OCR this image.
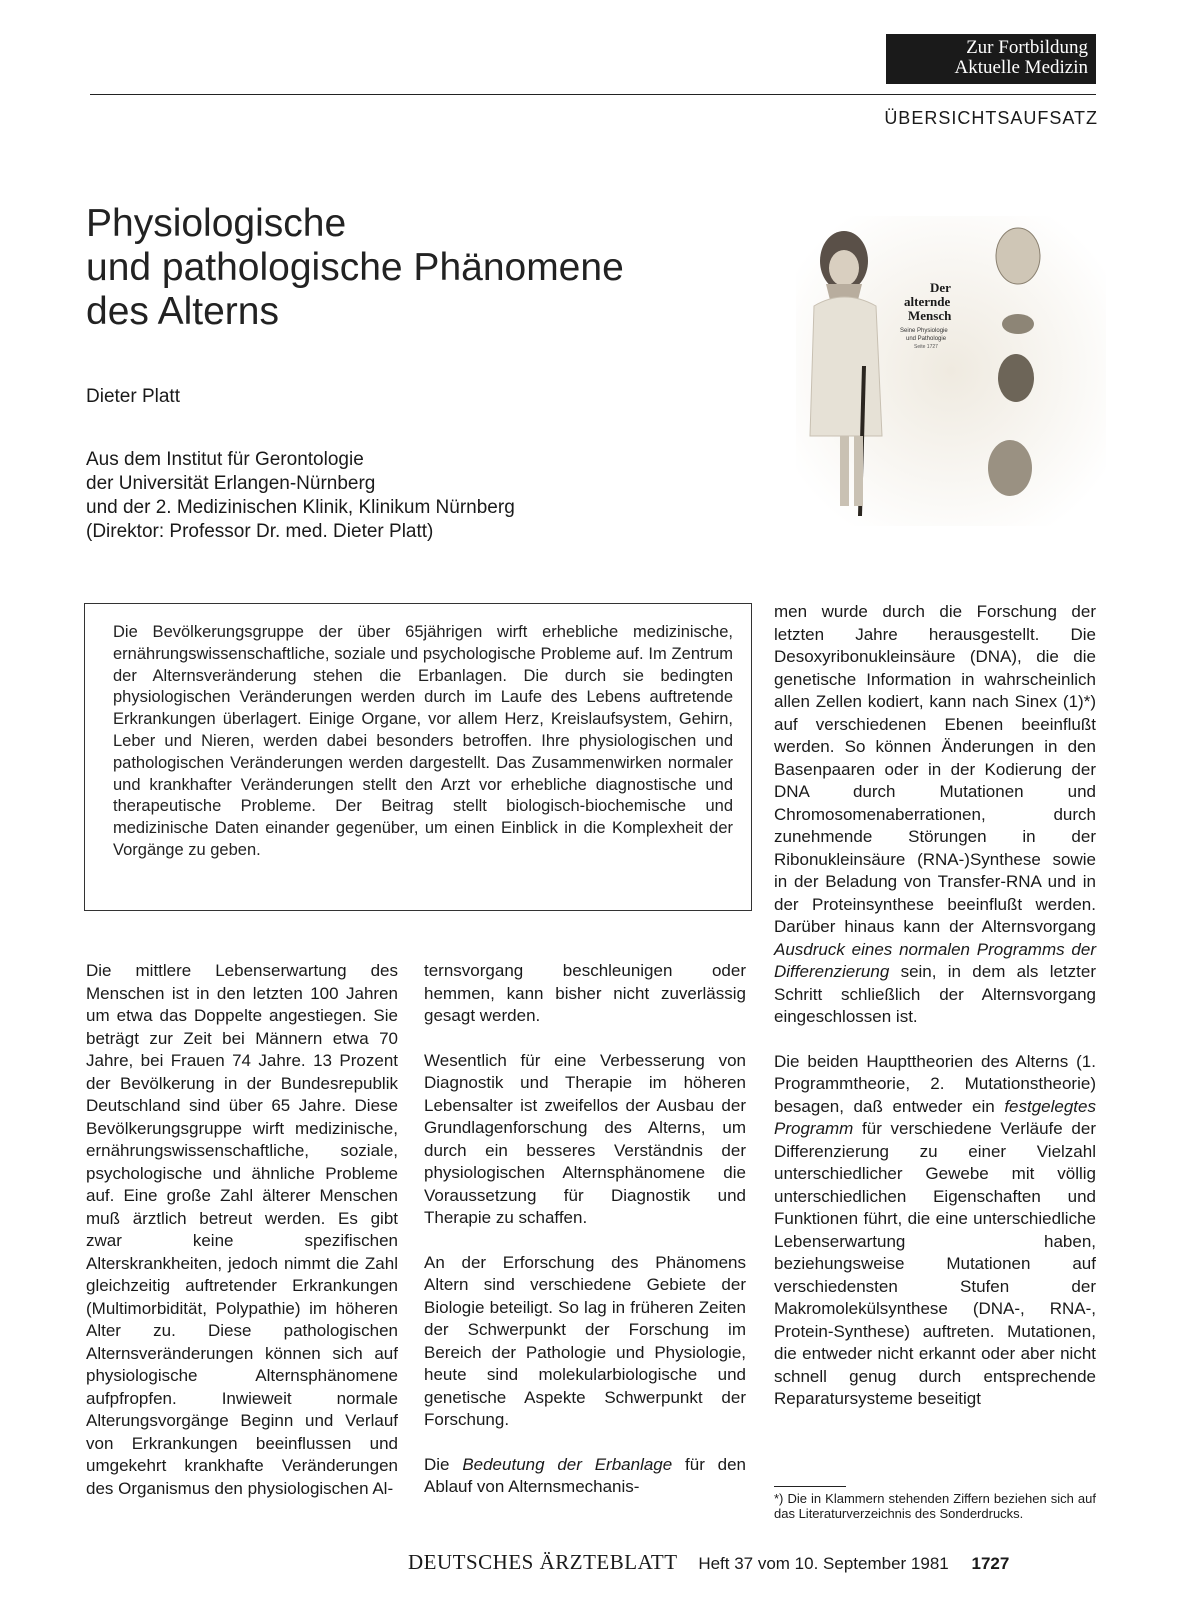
Zur Fortbildung
Aktuelle Medizin
ÜBERSICHTSAUFSATZ
Physiologische
und pathologische Phänomene
des Alterns
Dieter Platt
Aus dem Institut für Gerontologie
der Universität Erlangen-Nürnberg
und der 2. Medizinischen Klinik, Klinikum Nürnberg
(Direktor: Professor Dr. med. Dieter Platt)
Der
alternde
Mensch
Seine Physiologie
und Pathologie
Seite 1727

Die Bevölkerungsgruppe der über 65jährigen wirft erhebliche medizinische, ernährungswissenschaftliche, soziale und psychologische Probleme auf. Im Zentrum der Alternsveränderung stehen die Erbanlagen. Die durch sie bedingten physiologischen Veränderungen werden durch im Laufe des Lebens auftretende Erkrankungen überlagert. Einige Organe, vor allem Herz, Kreislaufsystem, Gehirn, Leber und Nieren, werden dabei besonders betroffen. Ihre physiologischen und pathologischen Veränderungen werden dargestellt. Das Zusammenwirken normaler und krankhafter Veränderungen stellt den Arzt vor erhebliche diagnostische und therapeutische Probleme. Der Beitrag stellt biologisch-biochemische und medizinische Daten einander gegenüber, um einen Einblick in die Komplexheit der Vorgänge zu geben.

Die mittlere Lebenserwartung des Menschen ist in den letzten 100 Jahren um etwa das Doppelte angestiegen. Sie beträgt zur Zeit bei Männern etwa 70 Jahre, bei Frauen 74 Jahre. 13 Prozent der Bevölkerung in der Bundesrepublik Deutschland sind über 65 Jahre. Diese Bevölkerungsgruppe wirft medizinische, ernährungswissenschaftliche, soziale, psychologische und ähnliche Probleme auf. Eine große Zahl älterer Menschen muß ärztlich betreut werden. Es gibt zwar keine spezifischen Alterskrankheiten, jedoch nimmt die Zahl gleichzeitig auftretender Erkrankungen (Multimorbidität, Polypathie) im höheren Alter zu. Diese pathologischen Alternsveränderungen können sich auf physiologische Alternsphänomene aufpfropfen. Inwieweit normale Alterungsvorgänge Beginn und Verlauf von Erkrankungen beeinflussen und umgekehrt krankhafte Veränderungen des Organismus den physiologischen Al-

ternsvorgang beschleunigen oder hemmen, kann bisher nicht zuverlässig gesagt werden.

Wesentlich für eine Verbesserung von Diagnostik und Therapie im höheren Lebensalter ist zweifellos der Ausbau der Grundlagenforschung des Alterns, um durch ein besseres Verständnis der physiologischen Alternsphänomene die Voraussetzung für Diagnostik und Therapie zu schaffen.

An der Erforschung des Phänomens Altern sind verschiedene Gebiete der Biologie beteiligt. So lag in früheren Zeiten der Schwerpunkt der Forschung im Bereich der Pathologie und Physiologie, heute sind molekularbiologische und genetische Aspekte Schwerpunkt der Forschung.

Die Bedeutung der Erbanlage für den Ablauf von Alternsmechanis-

men wurde durch die Forschung der letzten Jahre herausgestellt. Die Desoxyribonukleinsäure (DNA), die die genetische Information in wahrscheinlich allen Zellen kodiert, kann nach Sinex (1)*) auf verschiedenen Ebenen beeinflußt werden. So können Änderungen in den Basenpaaren oder in der Kodierung der DNA durch Mutationen und Chromosomenaberrationen, durch zunehmende Störungen in der Ribonukleinsäure (RNA-)Synthese sowie in der Beladung von Transfer-RNA und in der Proteinsynthese beeinflußt werden. Darüber hinaus kann der Alternsvorgang Ausdruck eines normalen Programms der Differenzierung sein, in dem als letzter Schritt schließlich der Alternsvorgang eingeschlossen ist.

Die beiden Haupttheorien des Alterns (1. Programmtheorie, 2. Mutationstheorie) besagen, daß entweder ein festgelegtes Programm für verschiedene Verläufe der Differenzierung zu einer Vielzahl unterschiedlicher Gewebe mit völlig unterschiedlichen Eigenschaften und Funktionen führt, die eine unterschiedliche Lebenserwartung haben, beziehungsweise Mutationen auf verschiedensten Stufen der Makromolekülsynthese (DNA-, RNA-, Protein-Synthese) auftreten. Mutationen, die entweder nicht erkannt oder aber nicht schnell genug durch entsprechende Reparatursysteme beseitigt

*) Die in Klammern stehenden Ziffern beziehen sich auf das Literaturverzeichnis des Sonderdrucks.
DEUTSCHES ÄRZTEBLATT Heft 37 vom 10. September 1981 1727
